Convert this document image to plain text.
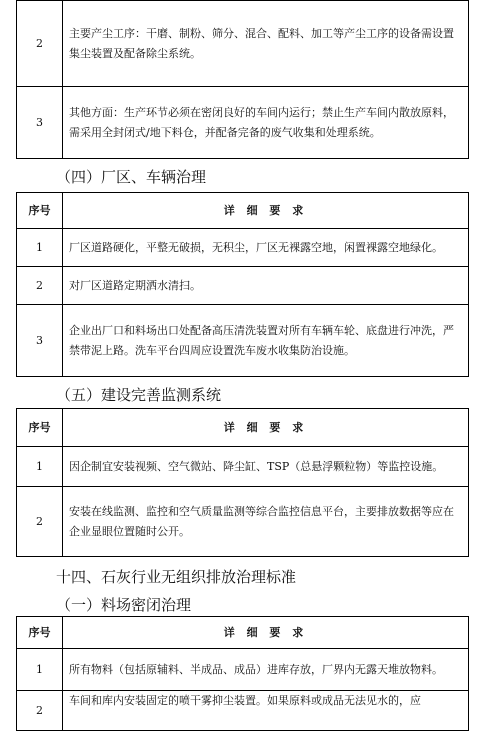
2	主要产尘工序：干磨、制粉、筛分、混合、配料、加工等产尘工序的设备需设置集尘装置及配备除尘系统。
3	其他方面：生产环节必须在密闭良好的车间内运行；禁止生产车间内散放原料，需采用全封闭式/地下料仓，并配备完备的废气收集和处理系统。
（四）厂区、车辆治理
序号	详 细 要 求
1	厂区道路硬化，平整无破损，无积尘，厂区无裸露空地，闲置裸露空地绿化。
2	对厂区道路定期洒水清扫。
3	企业出厂口和料场出口处配备高压清洗装置对所有车辆车轮、底盘进行冲洗，严禁带泥上路。洗车平台四周应设置洗车废水收集防治设施。
（五）建设完善监测系统
序号	详 细 要 求
1	因企制宜安装视频、空气微站、降尘缸、TSP（总悬浮颗粒物）等监控设施。
2	安装在线监测、监控和空气质量监测等综合监控信息平台，主要排放数据等应在企业显眼位置随时公开。
十四、石灰行业无组织排放治理标准
（一）料场密闭治理
序号	详 细 要 求
1	所有物料（包括原辅料、半成品、成品）进库存放，厂界内无露天堆放物料。
2	车间和库内安装固定的喷干雾抑尘装置。如果原料或成品无法见水的，应
